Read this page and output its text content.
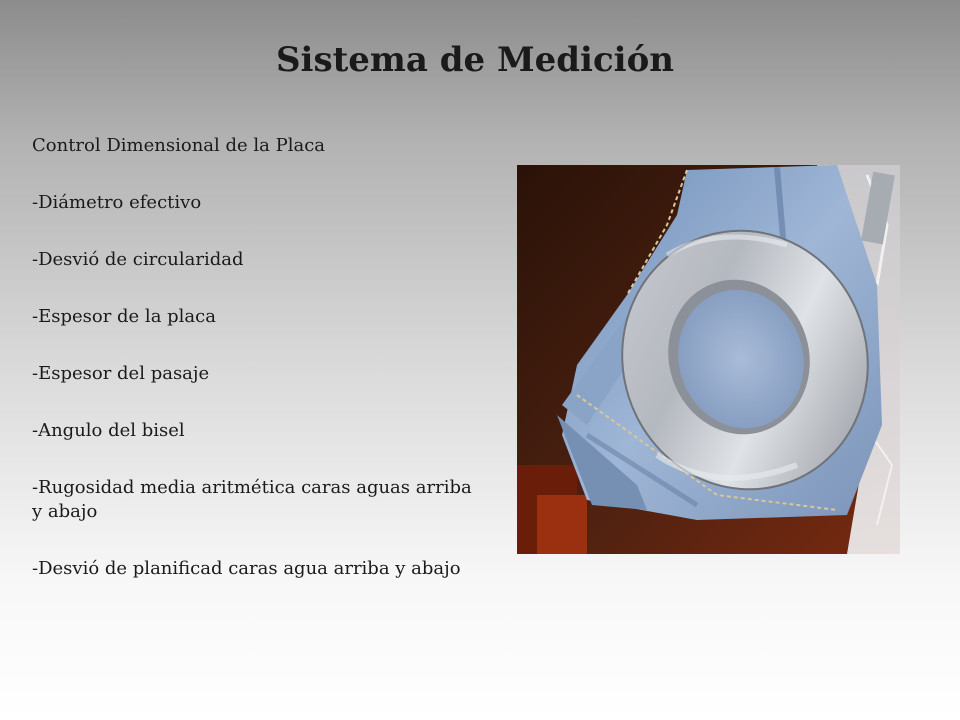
Sistema de Medición
Control Dimensional de la Placa
-Diámetro efectivo
-Desvió de circularidad
-Espesor de la placa
-Espesor del pasaje
-Angulo del bisel
-Rugosidad media aritmética caras aguas arriba y abajo
-Desvió de planificad caras agua arriba y abajo
